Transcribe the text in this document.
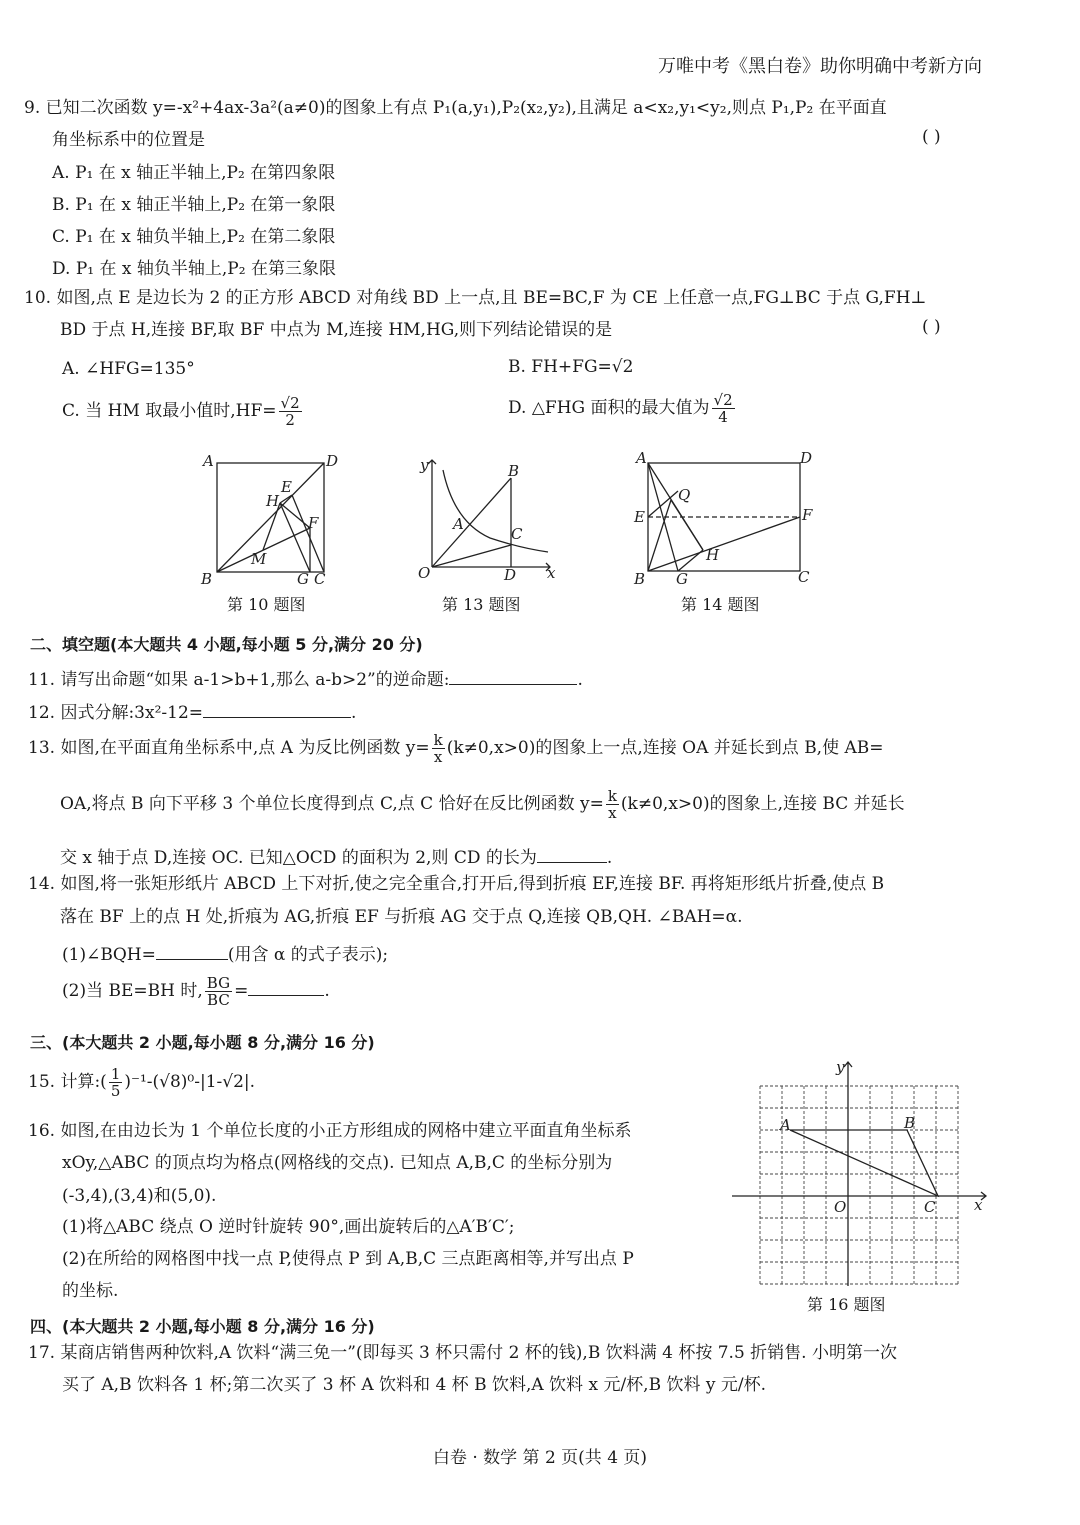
万唯中考《黑白卷》助你明确中考新方向
9. 已知二次函数 y=-x²+4ax-3a²(a≠0)的图象上有点 P₁(a,y₁),P₂(x₂,y₂),且满足 a<x₂,y₁<y₂,则点 P₁,P₂ 在平面直
角坐标系中的位置是	( )
A. P₁ 在 x 轴正半轴上,P₂ 在第四象限
B. P₁ 在 x 轴正半轴上,P₂ 在第一象限
C. P₁ 在 x 轴负半轴上,P₂ 在第二象限
D. P₁ 在 x 轴负半轴上,P₂ 在第三象限
10. 如图,点 E 是边长为 2 的正方形 ABCD 对角线 BD 上一点,且 BE=BC,F 为 CE 上任意一点,FG⊥BC 于点 G,FH⊥
BD 于点 H,连接 BF,取 BF 中点为 M,连接 HM,HG,则下列结论错误的是	( )
A. ∠HFG=135°	B. FH+FG=√2
C. 当 HM 取最小值时$,HF= \frac{√2}{2}$	D. △FHG 面积的最大值为 $\frac{√2}{4}$
A	D
B	C
H
E
F
M
G
第 10 题图
y	B
A
C
O	D x
第 13 题图
A	D
Q
E	F
H
B G	C
第 14 题图
二、填空题(本大题共 4 小题,每小题 5 分,满分 20 分)
11. 请写出命题“如果 a-1>b+1,那么 a-b>2”的逆命题:	.
12. 因式分解:3x²-12=	.
13. 如图,在平面直角坐标系中,点 A 为反比例函数 $y= \frac{k}{x} (k\ne 0,x>0)$的图象上一点,连接 OA 并延长到点 B,使 AB=
OA,将点 B 向下平移 3 个单位长度得到点 C,点 C 恰好在反比例函数 $y= \frac{k}{x} (k\ne 0,x>0)$的图象上,连接 BC 并延长
交 x 轴于点 D,连接 OC. 已知△OCD 的面积为 2,则 CD 的长为	.
14. 如图,将一张矩形纸片 ABCD 上下对折,使之完全重合,打开后,得到折痕 EF,连接 BF. 再将矩形纸片折叠,使点 B
落在 BF 上的点 H 处,折痕为 AG,折痕 EF 与折痕 AG 交于点 Q,连接 QB,QH. ∠BAH=α.
(1)∠BQH=	(用含 α 的式子表示);
(2)当 BE=BH 时, $\frac{BG}{BC}$ =	.
三、(本大题共 2 小题,每小题 8 分,满分 16 分)
15. 计算:( $\frac{1}{5} )^{-1}-(√8)^0-|1-√2|$.
16. 如图,在由边长为 1 个单位长度的小正方形组成的网格中建立平面直角坐标系
xOy,△ABC 的顶点均为格点(网格线的交点). 已知点 A,B,C 的坐标分别为
(-3,4),(3,4)和(5,0).
(1)将△ABC 绕点 O 逆时针旋转 90°,画出旋转后的△A′B′C′;
(2)在所给的网格图中找一点 P,使得点 P 到 A,B,C 三点距离相等,并写出点 P
的坐标.
y
A	B
O	C	x
第 16 题图
四、(本大题共 2 小题,每小题 8 分,满分 16 分)
17. 某商店销售两种饮料,A 饮料“满三免一”(即每买 3 杯只需付 2 杯的钱),B 饮料满 4 杯按 7.5 折销售. 小明第一次
买了 A,B 饮料各 1 杯;第二次买了 3 杯 A 饮料和 4 杯 B 饮料,A 饮料 x 元/杯,B 饮料 y 元/杯.
白卷 · 数学 第 2 页(共 4 页)
